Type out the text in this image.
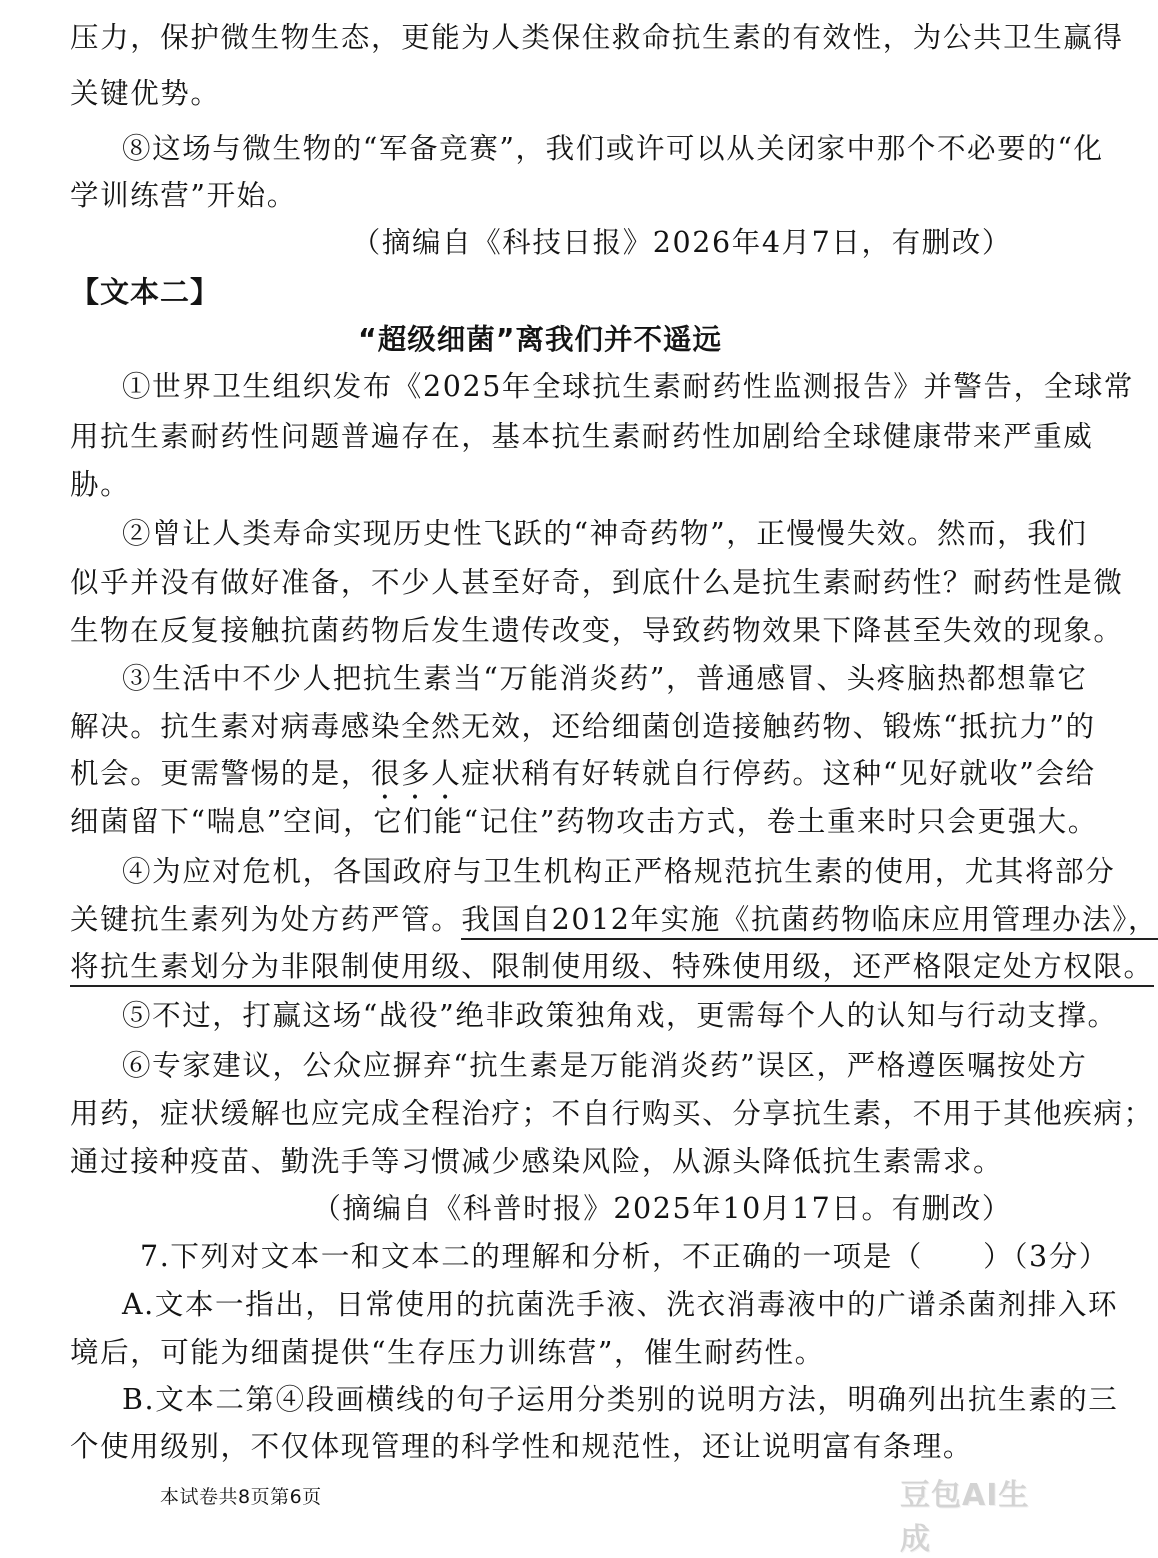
压力，保护微生物生态，更能为人类保住救命抗生素的有效性，为公共卫生赢得
关键优势。
⑧这场与微生物的“军备竞赛”，我们或许可以从关闭家中那个不必要的“化
学训练营”开始。
（摘编自《科技日报》2026年4月7日，有删改）
【文本二】
“超级细菌”离我们并不遥远
①世界卫生组织发布《2025年全球抗生素耐药性监测报告》并警告，全球常
用抗生素耐药性问题普遍存在，基本抗生素耐药性加剧给全球健康带来严重威
胁。
②曾让人类寿命实现历史性飞跃的“神奇药物”，正慢慢失效。然而，我们
似乎并没有做好准备，不少人甚至好奇，到底什么是抗生素耐药性？耐药性是微
生物在反复接触抗菌药物后发生遗传改变，导致药物效果下降甚至失效的现象。
③生活中不少人把抗生素当“万能消炎药”，普通感冒、头疼脑热都想靠它
解决。抗生素对病毒感染全然无效，还给细菌创造接触药物、锻炼“抵抗力”的
机会。更需警惕的是，很多人症状稍有好转就自行停药。这种“见好就收”会给
细菌留下“喘息”空间，它们能“记住”药物攻击方式，卷土重来时只会更强大。
④为应对危机，各国政府与卫生机构正严格规范抗生素的使用，尤其将部分
关键抗生素列为处方药严管。我国自2012年实施《抗菌药物临床应用管理办法》，
将抗生素划分为非限制使用级、限制使用级、特殊使用级，还严格限定处方权限。
⑤不过，打赢这场“战役”绝非政策独角戏，更需每个人的认知与行动支撑。
⑥专家建议，公众应摒弃“抗生素是万能消炎药”误区，严格遵医嘱按处方
用药，症状缓解也应完成全程治疗；不自行购买、分享抗生素，不用于其他疾病；
通过接种疫苗、勤洗手等习惯减少感染风险，从源头降低抗生素需求。
（摘编自《科普时报》2025年10月17日。有删改）
7.下列对文本一和文本二的理解和分析，不正确的一项是（　　）（3分）
A.文本一指出，日常使用的抗菌洗手液、洗衣消毒液中的广谱杀菌剂排入环
境后，可能为细菌提供“生存压力训练营”，催生耐药性。
B.文本二第④段画横线的句子运用分类别的说明方法，明确列出抗生素的三
个使用级别，不仅体现管理的科学性和规范性，还让说明富有条理。
本试卷共8页第6页	豆包AI生成
